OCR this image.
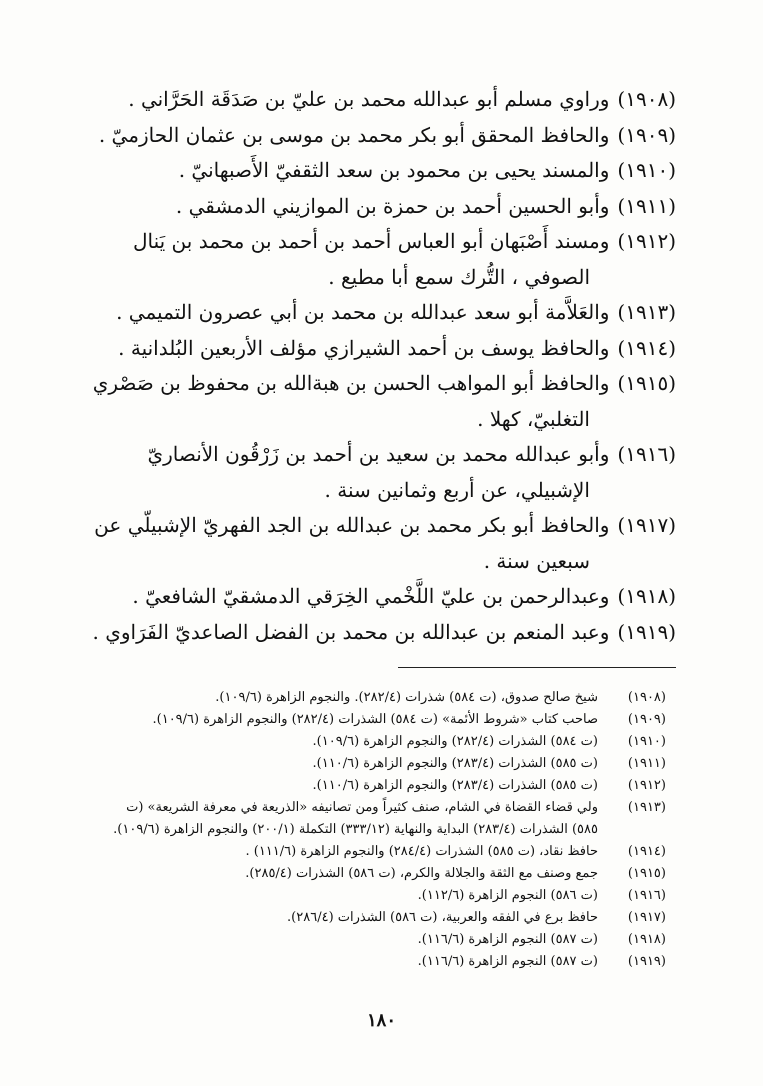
(١٩٠٨)وراوي مسلم أبو عبدالله محمد بن عليّ بن صَدَقَة الحَرَّاني .
(١٩٠٩)والحافظ المحقق أبو بكر محمد بن موسى بن عثمان الحازميّ .
(١٩١٠)والمسند يحيى بن محمود بن سعد الثقفيّ الأَصبهانيّ .
(١٩١١)وأبو الحسين أحمد بن حمزة بن الموازيني الدمشقي .
(١٩١٢)ومسند أَصْبَهان أبو العباس أحمد بن أحمد بن محمد بن يَنال
الصوفي ، التُّرك سمع أبا مطيع .
(١٩١٣)والعَلاَّمة أبو سعد عبدالله بن محمد بن أبي عصرون التميمي .
(١٩١٤)والحافظ يوسف بن أحمد الشيرازي مؤلف الأربعين البُلدانية .
(١٩١٥)والحافظ أبو المواهب الحسن بن هبةالله بن محفوظ بن صَصْري
التغلبيّ، كهلا .
(١٩١٦)وأبو عبدالله محمد بن سعيد بن أحمد بن زَرْقُون الأنصاريّ
الإشبيلي، عن أربع وثمانين سنة .
(١٩١٧)والحافظ أبو بكر محمد بن عبدالله بن الجد الفهريّ الإشبيلّي عن
سبعين سنة .
(١٩١٨)وعبدالرحمن بن عليّ اللَّخْمي الخِرَقي الدمشقيّ الشافعيّ .
(١٩١٩)وعبد المنعم بن عبدالله بن محمد بن الفضل الصاعديّ الفَرَاوي .
(١٩٠٨)
شيخ صالح صدوق، (ت ٥٨٤) شذرات (٢٨٢/٤). والنجوم الزاهرة (١٠٩/٦).
(١٩٠٩)
صاحب كتاب «شروط الأئمة» (ت ٥٨٤) الشذرات (٢٨٢/٤) والنجوم الزاهرة (١٠٩/٦).
(١٩١٠)
(ت ٥٨٤) الشذرات (٢٨٢/٤) والنجوم الزاهرة (١٠٩/٦).
(١٩١١)
(ت ٥٨٥) الشذرات (٢٨٣/٤) والنجوم الزاهرة (١١٠/٦).
(١٩١٢)
(ت ٥٨٥) الشذرات (٢٨٣/٤) والنجوم الزاهرة (١١٠/٦).
(١٩١٣)
ولي قضاء القضاة في الشام، صنف كثيراً ومن تصانيفه «الذريعة في معرفة الشريعة» (ت ٥٨٥) الشذرات (٢٨٣/٤) البداية والنهاية (٣٣٣/١٢) التكملة (٢٠٠/١) والنجوم الزاهرة (١٠٩/٦).
(١٩١٤)
حافظ نقاد، (ت ٥٨٥) الشذرات (٢٨٤/٤) والنجوم الزاهرة (١١١/٦) .
(١٩١٥)
جمع وصنف مع الثقة والجلالة والكرم، (ت ٥٨٦) الشذرات (٢٨٥/٤).
(١٩١٦)
(ت ٥٨٦) النجوم الزاهرة (١١٢/٦).
(١٩١٧)
حافظ برع في الفقه والعربية، (ت ٥٨٦) الشذرات (٢٨٦/٤).
(١٩١٨)
(ت ٥٨٧) النجوم الزاهرة (١١٦/٦).
(١٩١٩)
(ت ٥٨٧) النجوم الزاهرة (١١٦/٦).
١٨٠
